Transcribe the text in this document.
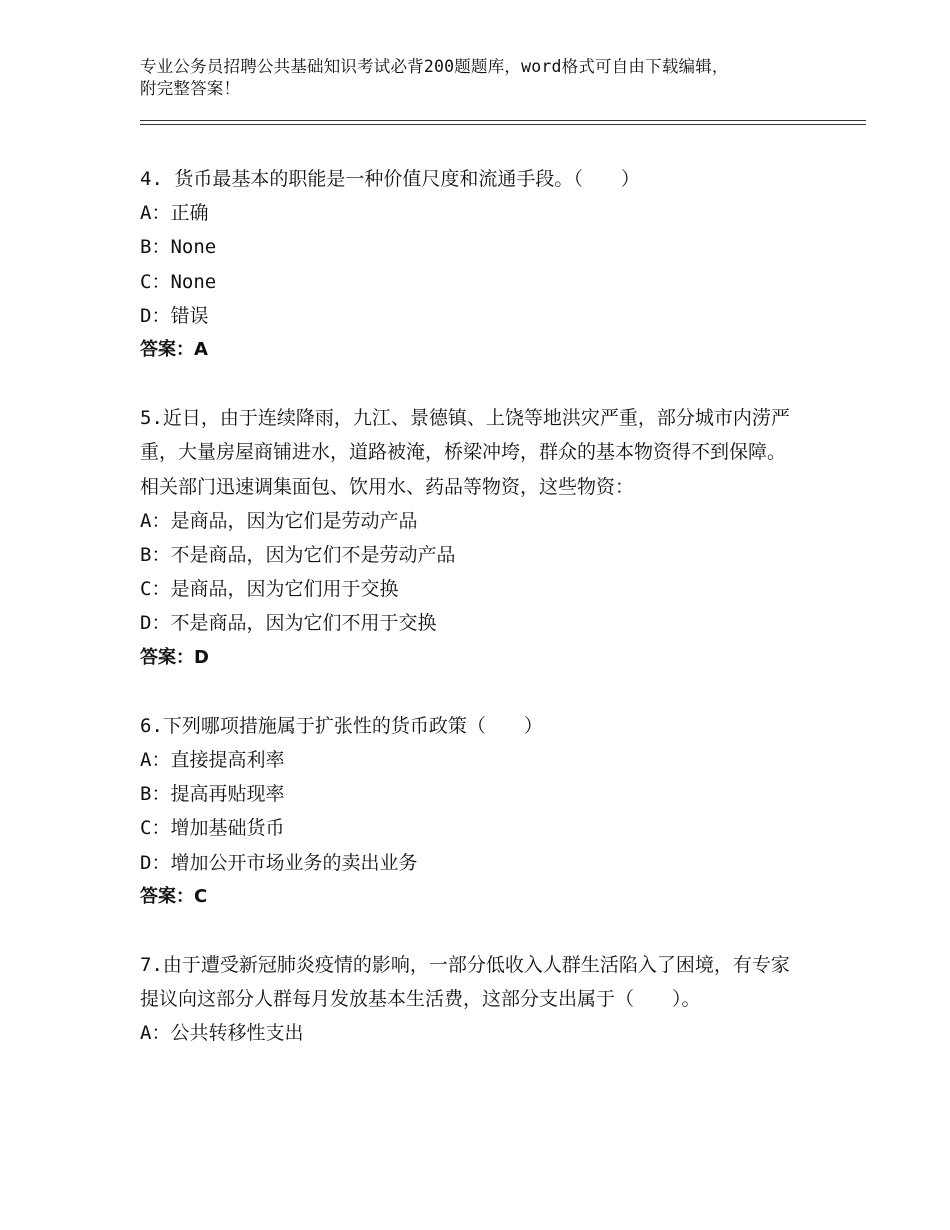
专业公务员招聘公共基础知识考试必背200题题库，word格式可自由下载编辑，
附完整答案！

4. 货币最基本的职能是一种价值尺度和流通手段。（　　）

A： 正确
B： None
C： None
D： 错误
答案：A

5.近日，由于连续降雨，九江、景德镇、上饶等地洪灾严重，部分城市内涝严重，大量房屋商铺进水，道路被淹，桥梁冲垮，群众的基本物资得不到保障。相关部门迅速调集面包、饮用水、药品等物资，这些物资：

A： 是商品，因为它们是劳动产品
B： 不是商品，因为它们不是劳动产品
C： 是商品，因为它们用于交换
D： 不是商品，因为它们不用于交换
答案：D

6.下列哪项措施属于扩张性的货币政策（　　）

A： 直接提高利率
B： 提高再贴现率
C： 增加基础货币
D： 增加公开市场业务的卖出业务
答案：C

7.由于遭受新冠肺炎疫情的影响，一部分低收入人群生活陷入了困境，有专家提议向这部分人群每月发放基本生活费，这部分支出属于（　　）。

A： 公共转移性支出
